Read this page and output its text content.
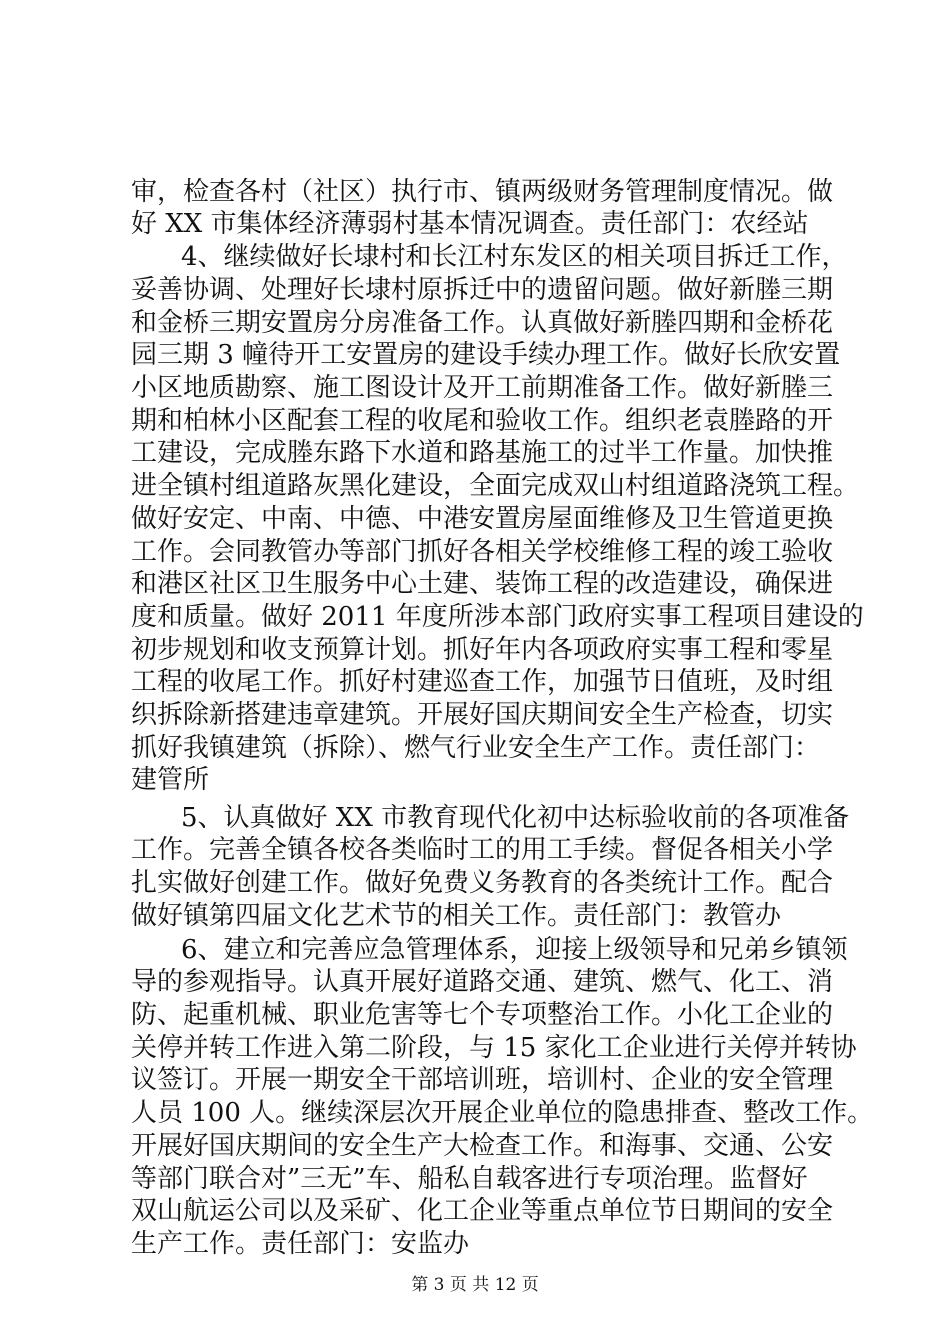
审，检查各村（社区）执行市、镇两级财务管理制度情况。做
好 XX 市集体经济薄弱村基本情况调查。责任部门：农经站
4、继续做好长埭村和长江村东发区的相关项目拆迁工作，
妥善协调、处理好长埭村原拆迁中的遗留问题。做好新塍三期
和金桥三期安置房分房准备工作。认真做好新塍四期和金桥花
园三期 3 幢待开工安置房的建设手续办理工作。做好长欣安置
小区地质勘察、施工图设计及开工前期准备工作。做好新塍三
期和柏林小区配套工程的收尾和验收工作。组织老袁塍路的开
工建设，完成塍东路下水道和路基施工的过半工作量。加快推
进全镇村组道路灰黑化建设，全面完成双山村组道路浇筑工程。
做好安定、中南、中德、中港安置房屋面维修及卫生管道更换
工作。会同教管办等部门抓好各相关学校维修工程的竣工验收
和港区社区卫生服务中心土建、装饰工程的改造建设，确保进
度和质量。做好 2011 年度所涉本部门政府实事工程项目建设的
初步规划和收支预算计划。抓好年内各项政府实事工程和零星
工程的收尾工作。抓好村建巡查工作，加强节日值班，及时组
织拆除新搭建违章建筑。开展好国庆期间安全生产检查，切实
抓好我镇建筑（拆除）、燃气行业安全生产工作。责任部门：
建管所
5、认真做好 XX 市教育现代化初中达标验收前的各项准备
工作。完善全镇各校各类临时工的用工手续。督促各相关小学
扎实做好创建工作。做好免费义务教育的各类统计工作。配合
做好镇第四届文化艺术节的相关工作。责任部门：教管办
6、建立和完善应急管理体系，迎接上级领导和兄弟乡镇领
导的参观指导。认真开展好道路交通、建筑、燃气、化工、消
防、起重机械、职业危害等七个专项整治工作。小化工企业的
关停并转工作进入第二阶段，与 15 家化工企业进行关停并转协
议签订。开展一期安全干部培训班，培训村、企业的安全管理
人员 100 人。继续深层次开展企业单位的隐患排查、整改工作。
开展好国庆期间的安全生产大检查工作。和海事、交通、公安
等部门联合对”三无”车、船私自载客进行专项治理。监督好
双山航运公司以及采矿、化工企业等重点单位节日期间的安全
生产工作。责任部门：安监办
第 3 页 共 12 页
